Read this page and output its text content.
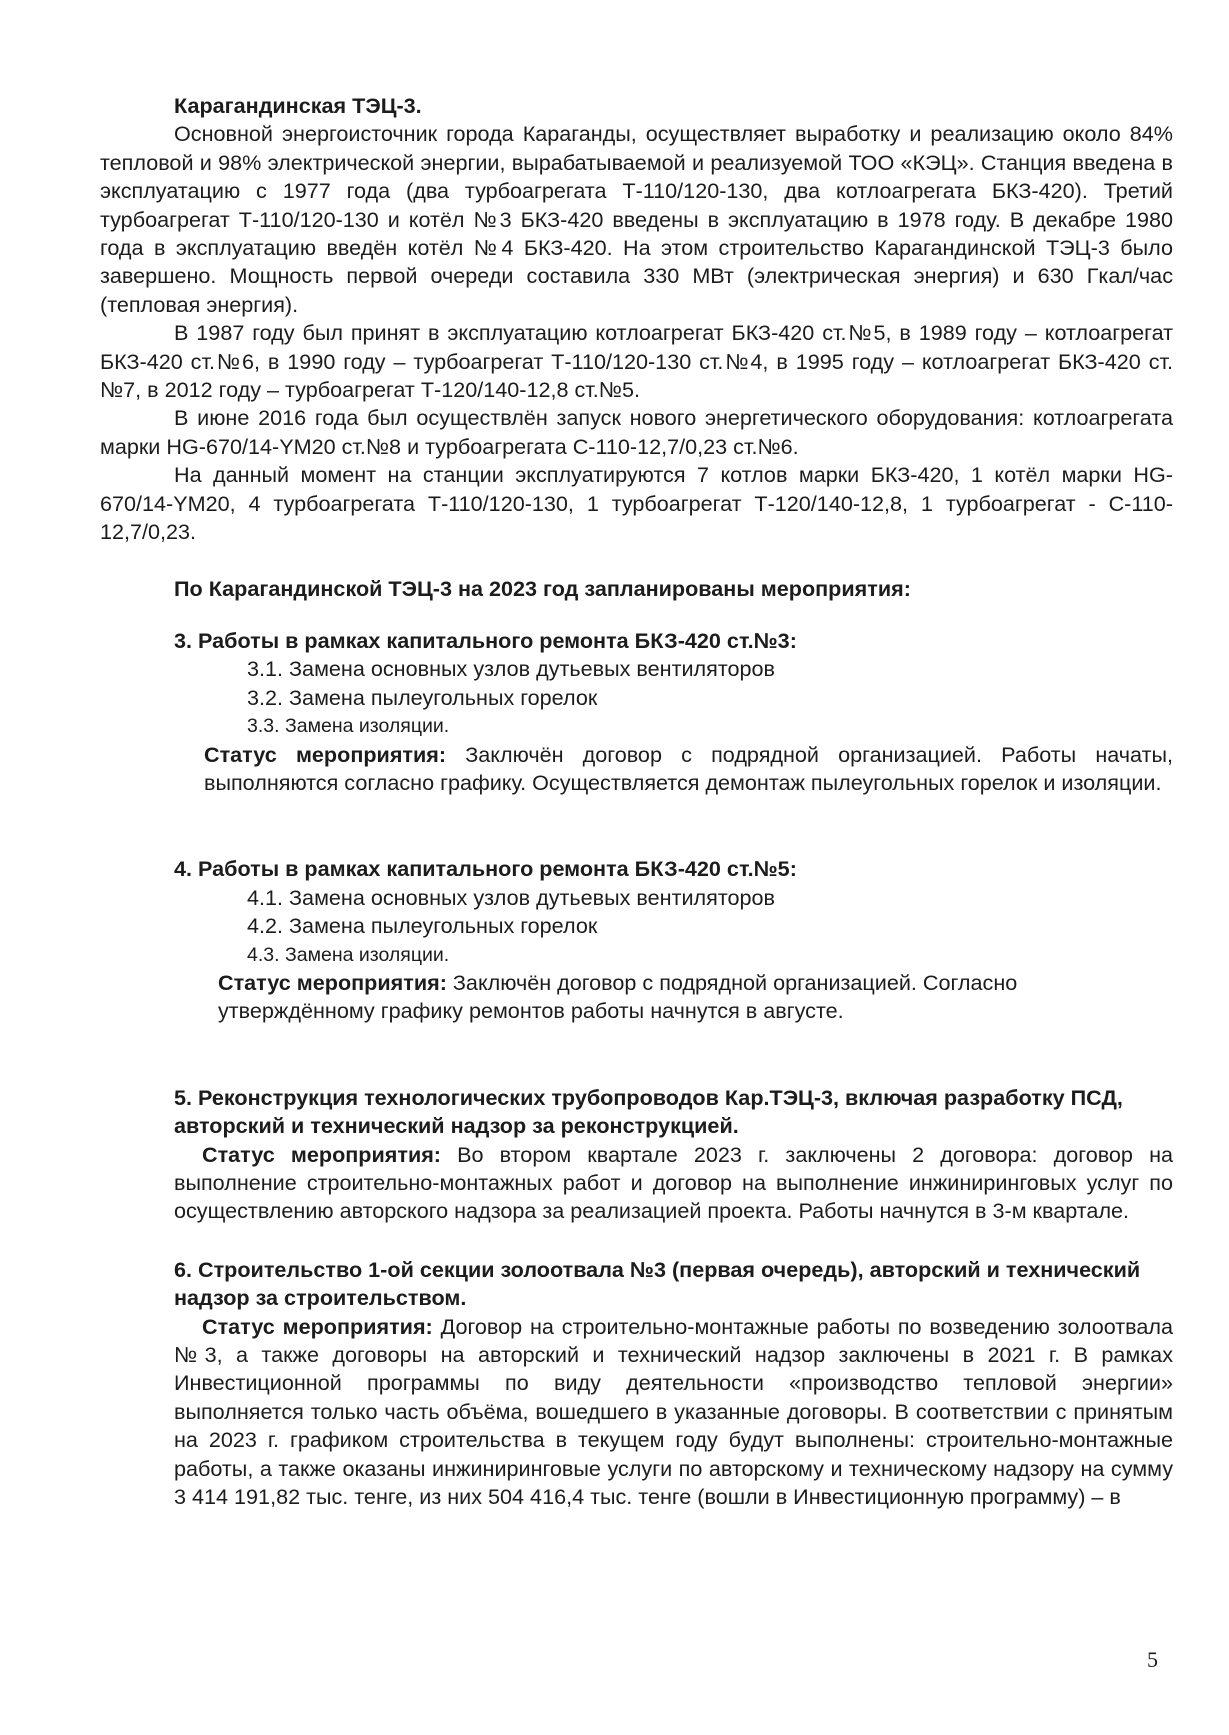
Карагандинская ТЭЦ-3.

Основной энергоисточник города Караганды, осуществляет выработку и реализацию около 84% тепловой и 98% электрической энергии, вырабатываемой и реализуемой ТОО «КЭЦ». Станция введена в эксплуатацию с 1977 года (два турбоагрегата Т-110/120-130, два котлоагрегата БКЗ-420). Третий турбоагрегат Т-110/120-130 и котёл №3 БКЗ-420 введены в эксплуатацию в 1978 году. В декабре 1980 года в эксплуатацию введён котёл №4 БКЗ-420. На этом строительство Карагандинской ТЭЦ-3 было завершено. Мощность первой очереди составила 330 МВт (электрическая энергия) и 630 Гкал/час (тепловая энергия).

В 1987 году был принят в эксплуатацию котлоагрегат БКЗ-420 ст.№5, в 1989 году – котлоагрегат БКЗ-420 ст.№6, в 1990 году – турбоагрегат Т-110/120-130 ст.№4, в 1995 году – котлоагрегат БКЗ-420 ст.№7, в 2012 году – турбоагрегат Т-120/140-12,8 ст.№5.

В июне 2016 года был осуществлён запуск нового энергетического оборудования: котлоагрегата марки HG-670/14-YM20 ст.№8 и турбоагрегата С-110-12,7/0,23 ст.№6.

На данный момент на станции эксплуатируются 7 котлов марки БКЗ-420, 1 котёл марки HG-670/14-YM20, 4 турбоагрегата Т-110/120-130, 1 турбоагрегат Т-120/140-12,8, 1 турбоагрегат - С-110-12,7/0,23.

По Карагандинской ТЭЦ-3 на 2023 год запланированы мероприятия:

3. Работы в рамках капитального ремонта БКЗ-420 ст.№3:

3.1. Замена основных узлов дутьевых вентиляторов

3.2. Замена пылеугольных горелок

3.3. Замена изоляции.

Статус мероприятия: Заключён договор с подрядной организацией. Работы начаты, выполняются согласно графику. Осуществляется демонтаж пылеугольных горелок и изоляции.

4. Работы в рамках капитального ремонта БКЗ-420 ст.№5:

4.1. Замена основных узлов дутьевых вентиляторов

4.2. Замена пылеугольных горелок

4.3. Замена изоляции.

Статус мероприятия: Заключён договор с подрядной организацией. Согласно утверждённому графику ремонтов работы начнутся в августе.

5. Реконструкция технологических трубопроводов Кар.ТЭЦ-3, включая разработку ПСД, авторский и технический надзор за реконструкцией.

Статус мероприятия: Во втором квартале 2023 г. заключены 2 договора: договор на выполнение строительно-монтажных работ и договор на выполнение инжиниринговых услуг по осуществлению авторского надзора за реализацией проекта. Работы начнутся в 3-м квартале.

6. Строительство 1-ой секции золоотвала №3 (первая очередь), авторский и технический надзор за строительством.

Статус мероприятия: Договор на строительно-монтажные работы по возведению золоотвала №3, а также договоры на авторский и технический надзор заключены в 2021 г. В рамках Инвестиционной программы по виду деятельности «производство тепловой энергии» выполняется только часть объёма, вошедшего в указанные договоры. В соответствии с принятым на 2023 г. графиком строительства в текущем году будут выполнены: строительно-монтажные работы, а также оказаны инжиниринговые услуги по авторскому и техническому надзору на сумму 3 414 191,82 тыс. тенге, из них 504 416,4 тыс. тенге (вошли в Инвестиционную программу) – в

5
